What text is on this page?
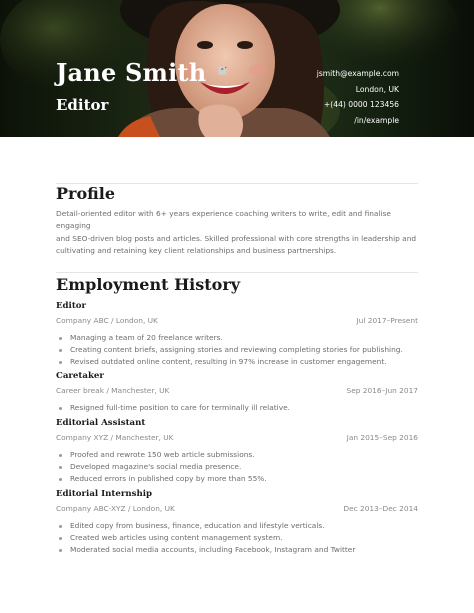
Jane Smith
Editor
jsmith@example.com
London, UK
+(44) 0000 123456
/in/example
Profile

Detail-oriented editor with 6+ years experience coaching writers to write, edit and finalise engaging
and SEO-driven blog posts and articles. Skilled professional with core strengths in leadership and
cultivating and retaining key client relationships and business partnerships.

Employment History
Editor
Company ABC / London, UK	Jul 2017–Present
Managing a team of 20 freelance writers.
Creating content briefs, assigning stories and reviewing completing stories for publishing.
Revised outdated online content, resulting in 97% increase in customer engagement.
Caretaker
Career break / Manchester, UK	Sep 2016–Jun 2017
Resigned full-time position to care for terminally ill relative.
Editorial Assistant
Company XYZ / Manchester, UK	Jan 2015–Sep 2016
Proofed and rewrote 150 web article submissions.
Developed magazine's social media presence.
Reduced errors in published copy by more than 55%.
Editorial Internship
Company ABC-XYZ / London, UK	Dec 2013–Dec 2014
Edited copy from business, finance, education and lifestyle verticals.
Created web articles using content management system.
Moderated social media accounts, including Facebook, Instagram and Twitter
